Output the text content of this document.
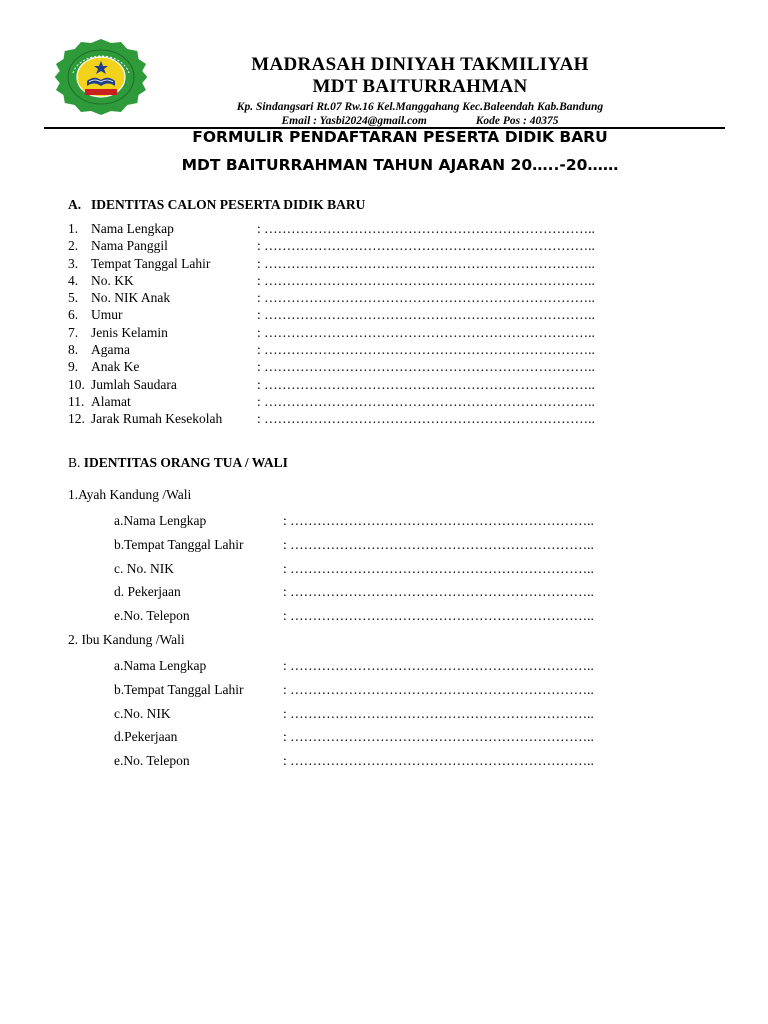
MADRASAH DINIYAH TAKMILIYAH
MDT BAITURRAHMAN
Kp. Sindangsari Rt.07 Rw.16 Kel.Manggahang Kec.Baleendah Kab.Bandung
Email : Yasbi2024@gmail.com	Kode Pos : 40375
FORMULIR PENDAFTARAN PESERTA DIDIK BARU
MDT BAITURRAHMAN TAHUN AJARAN 20…..-20……
A. IDENTITAS CALON PESERTA DIDIK BARU
1. Nama Lengkap	: ………………………………………………………………..
2. Nama Panggil	: ………………………………………………………………..
3. Tempat Tanggal Lahir	: ………………………………………………………………..
4. No. KK	: ………………………………………………………………..
5. No. NIK Anak	: ………………………………………………………………..
6. Umur	: ………………………………………………………………..
7. Jenis Kelamin	: ………………………………………………………………..
8. Agama	: ………………………………………………………………..
9. Anak Ke	: ………………………………………………………………..
10. Jumlah Saudara	: ………………………………………………………………..
11. Alamat	: ………………………………………………………………..
12. Jarak Rumah Kesekolah	: ………………………………………………………………..
B. IDENTITAS ORANG TUA / WALI
1.Ayah Kandung /Wali
a.Nama Lengkap	: …………………………………………………………..
b.Tempat Tanggal Lahir	: …………………………………………………………..
c. No. NIK	: …………………………………………………………..
d. Pekerjaan	: …………………………………………………………..
e.No. Telepon	: …………………………………………………………..
2. Ibu Kandung /Wali
a.Nama Lengkap	: …………………………………………………………..
b.Tempat Tanggal Lahir	: …………………………………………………………..
c.No. NIK	: …………………………………………………………..
d.Pekerjaan	: …………………………………………………………..
e.No. Telepon	: …………………………………………………………..
